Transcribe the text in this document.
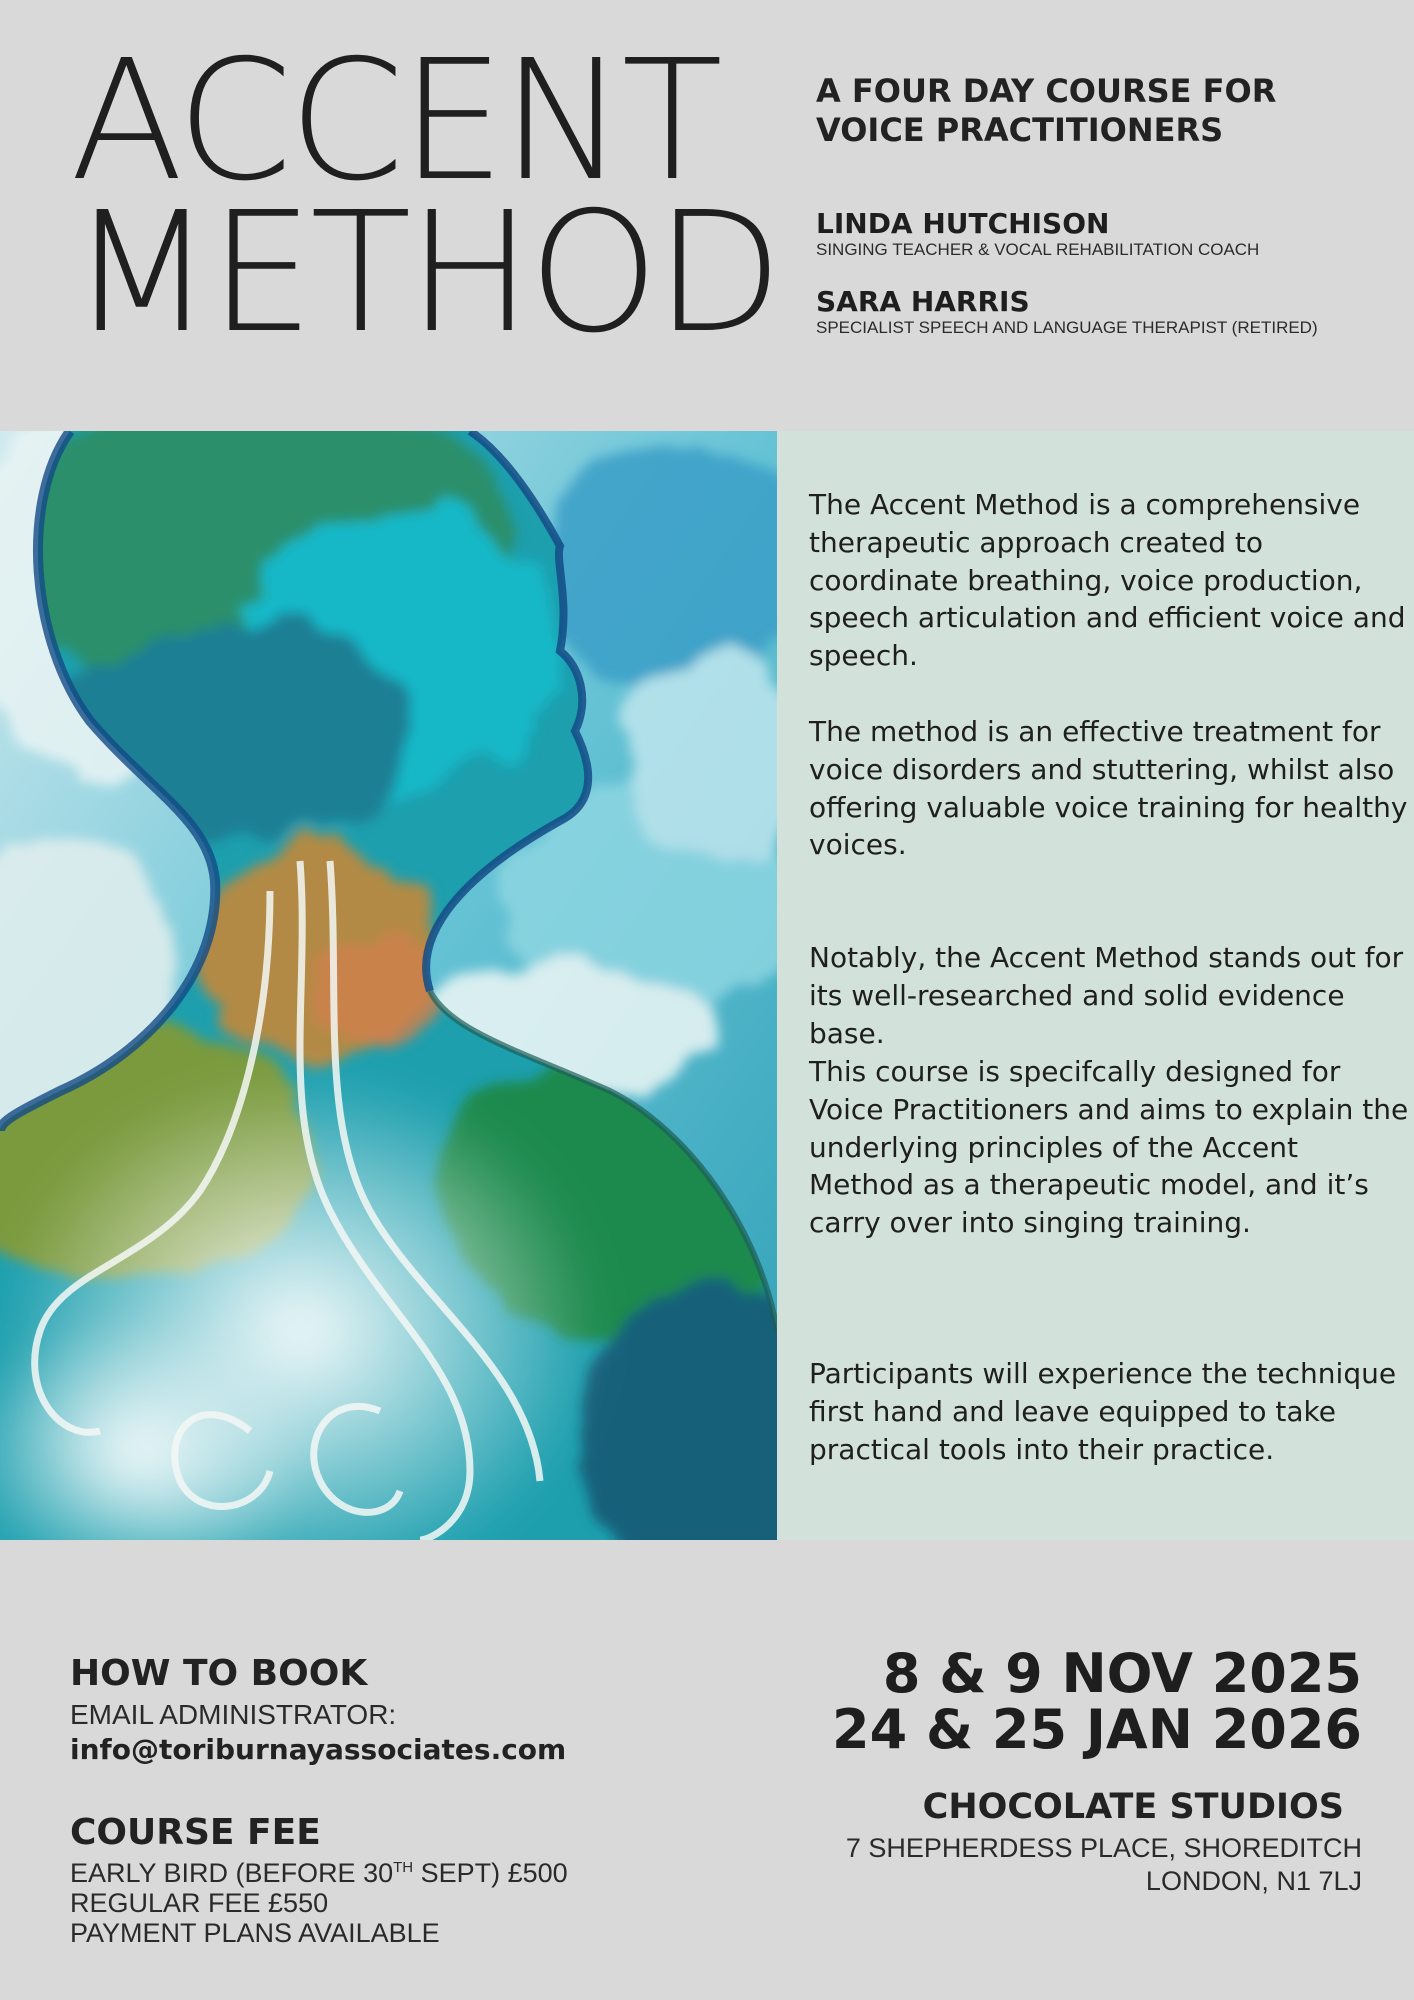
ACCENT
METHOD
A FOUR DAY COURSE FOR
VOICE PRACTITIONERS
LINDA HUTCHISON
SINGING TEACHER & VOCAL REHABILITATION COACH
SARA HARRIS
SPECIALIST SPEECH AND LANGUAGE THERAPIST (RETIRED)

The Accent Method is a comprehensive therapeutic approach created to coordinate breathing, voice production, speech articulation and efficient voice and speech.

The method is an effective treatment for voice disorders and stuttering, whilst also offering valuable voice training for healthy voices.

Notably, the Accent Method stands out for its well-researched and solid evidence base.

This course is specifcally designed for Voice Practitioners and aims to explain the underlying principles of the Accent Method as a therapeutic model, and it’s carry over into singing training.

Participants will experience the technique first hand and leave equipped to take practical tools into their practice.

HOW TO BOOK
EMAIL ADMINISTRATOR:
info@toriburnayassociates.com
COURSE FEE
EARLY BIRD (BEFORE 30TH SEPT) £500
REGULAR FEE £550
PAYMENT PLANS AVAILABLE
8 & 9 NOV 2025
24 & 25 JAN 2026
CHOCOLATE STUDIOS
7 SHEPHERDESS PLACE, SHOREDITCH
LONDON, N1 7LJ
